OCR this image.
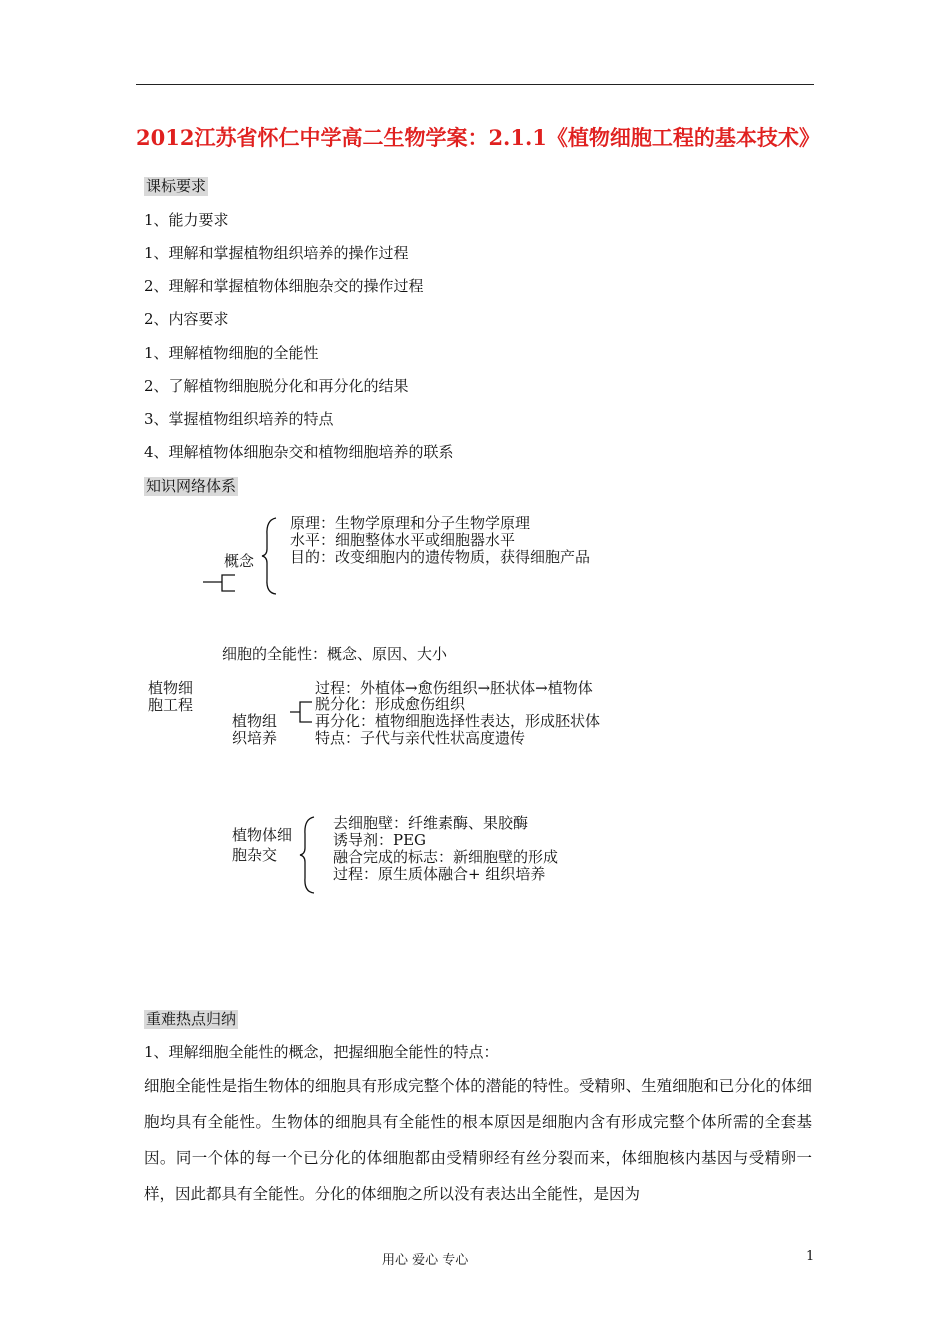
2012江苏省怀仁中学高二生物学案：2.1.1《植物细胞工程的基本技术》
课标要求
1、能力要求
1、理解和掌握植物组织培养的操作过程
2、理解和掌握植物体细胞杂交的操作过程
2、内容要求
1、理解植物细胞的全能性
2、了解植物细胞脱分化和再分化的结果
3、掌握植物组织培养的特点
4、理解植物体细胞杂交和植物细胞培养的联系
知识网络体系
原理：生物学原理和分子生物学原理
水平：细胞整体水平或细胞器水平
目的：改变细胞内的遗传物质，获得细胞产品
概念
细胞的全能性：概念、原因、大小
植物细
胞工程
植物组
织培养
过程：外植体→愈伤组织→胚状体→植物体
脱分化：形成愈伤组织
再分化：植物细胞选择性表达，形成胚状体
特点：子代与亲代性状高度遗传
植物体细
胞杂交
去细胞壁：纤维素酶、果胶酶
诱导剂：PEG
融合完成的标志：新细胞壁的形成
过程：原生质体融合+ 组织培养
重难热点归纳
1、理解细胞全能性的概念，把握细胞全能性的特点：
细胞全能性是指生物体的细胞具有形成完整个体的潜能的特性。受精卵、生殖细胞和已分化的体细胞均具有全能性。生物体的细胞具有全能性的根本原因是细胞内含有形成完整个体所需的全套基因。同一个体的每一个已分化的体细胞都由受精卵经有丝分裂而来，体细胞核内基因与受精卵一样，因此都具有全能性。分化的体细胞之所以没有表达出全能性，是因为
用心 爱心 专心	1
